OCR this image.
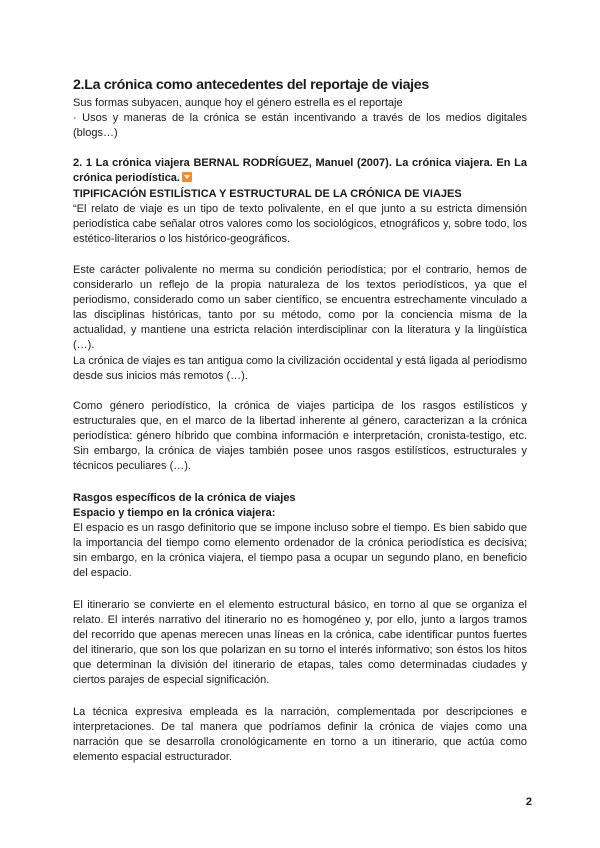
2.La crónica como antecedentes del reportaje de viajes
Sus formas subyacen, aunque hoy el género estrella es el reportaje
· Usos y maneras de la crónica se están incentivando a través de los medios digitales (blogs…)
2. 1 La crónica viajera BERNAL RODRÍGUEZ, Manuel (2007). La crónica viajera. En La crónica periodística.
TIPIFICACIÓN ESTILÍSTICA Y ESTRUCTURAL DE LA CRÓNICA DE VIAJES
“El relato de viaje es un tipo de texto polivalente, en el que junto a su estricta dimensión periodística cabe señalar otros valores como los sociológicos, etnográficos y, sobre todo, los estético-literarios o los histórico-geográficos.
Este carácter polivalente no merma su condición periodística; por el contrario, hemos de considerarlo un reflejo de la propia naturaleza de los textos periodísticos, ya que el periodismo, considerado como un saber científico, se encuentra estrechamente vinculado a las disciplinas históricas, tanto por su método, como por la conciencia misma de la actualidad, y mantiene una estricta relación interdisciplinar con la literatura y la lingüística (…).
La crónica de viajes es tan antigua como la civilización occidental y está ligada al periodismo desde sus inicios más remotos (…).
Como género periodístico, la crónica de viajes participa de los rasgos estilísticos y estructurales que, en el marco de la libertad inherente al género, caracterizan a la crónica periodística: género híbrido que combina información e interpretación, cronista-testigo, etc. Sin embargo, la crónica de viajes también posee unos rasgos estilísticos, estructurales y técnicos peculiares (…).
Rasgos específicos de la crónica de viajes
Espacio y tiempo en la crónica viajera:
El espacio es un rasgo definitorio que se impone incluso sobre el tiempo. Es bien sabido que la importancia del tiempo como elemento ordenador de la crónica periodística es decisiva; sin embargo, en la crónica viajera, el tiempo pasa a ocupar un segundo plano, en beneficio del espacio.
El itinerario se convierte en el elemento estructural básico, en torno al que se organiza el relato. El interés narrativo del itinerario no es homogéneo y, por ello, junto a largos tramos del recorrido que apenas merecen unas líneas en la crónica, cabe identificar puntos fuertes del itinerario, que son los que polarizan en su torno el interés informativo; son éstos los hitos que determinan la división del itinerario de etapas, tales como determinadas ciudades y ciertos parajes de especial significación.
La técnica expresiva empleada es la narración, complementada por descripciones e interpretaciones. De tal manera que podríamos definir la crónica de viajes como una narración que se desarrolla cronológicamente en torno a un itinerario, que actúa como elemento espacial estructurador.
2
